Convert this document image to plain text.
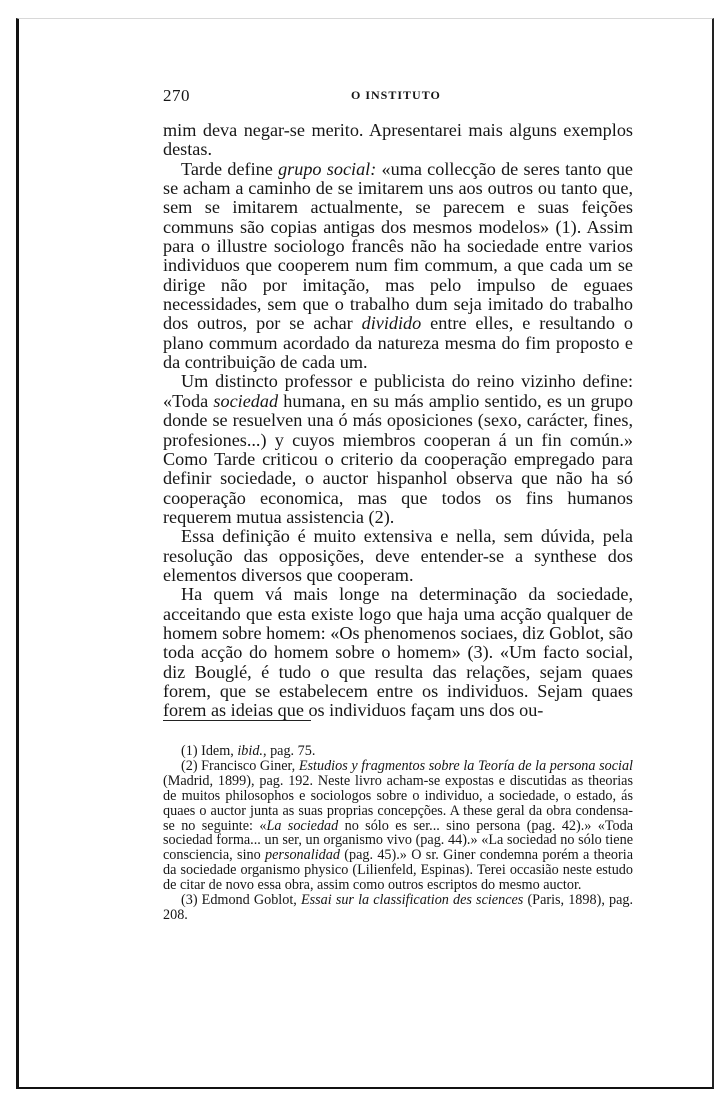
270	O INSTITUTO

mim deva negar-se merito. Apresentarei mais alguns exemplos destas.

Tarde define grupo social: «uma collecção de seres tanto que se acham a caminho de se imitarem uns aos outros ou tanto que, sem se imitarem actualmente, se parecem e suas feições communs são copias antigas dos mesmos modelos» (1). Assim para o illustre sociologo francês não ha sociedade entre varios individuos que cooperem num fim commum, a que cada um se dirige não por imitação, mas pelo impulso de eguaes necessidades, sem que o trabalho dum seja imitado do trabalho dos outros, por se achar dividido entre elles, e resultando o plano commum acordado da natureza mesma do fim proposto e da contribuição de cada um.

Um distincto professor e publicista do reino vizinho define: «Toda sociedad humana, en su más amplio sentido, es un grupo donde se resuelven una ó más oposiciones (sexo, carácter, fines, profesiones...) y cuyos miembros cooperan á un fin común.» Como Tarde criticou o criterio da cooperação empregado para definir sociedade, o auctor hispanhol observa que não ha só cooperação economica, mas que todos os fins humanos requerem mutua assistencia (2).

Essa definição é muito extensiva e nella, sem dúvida, pela resolução das opposições, deve entender-se a synthese dos elementos diversos que cooperam.

Ha quem vá mais longe na determinação da sociedade, acceitando que esta existe logo que haja uma acção qualquer de homem sobre homem: «Os phenomenos sociaes, diz Goblot, são toda acção do homem sobre o homem» (3). «Um facto social, diz Bouglé, é tudo o que resulta das relações, sejam quaes forem, que se estabelecem entre os individuos. Sejam quaes forem as ideias que os individuos façam uns dos ou-

(1) Idem, ibid., pag. 75.

(2) Francisco Giner, Estudios y fragmentos sobre la Teoría de la persona social (Madrid, 1899), pag. 192. Neste livro acham-se expostas e discutidas as theorias de muitos philosophos e sociologos sobre o individuo, a sociedade, o estado, ás quaes o auctor junta as suas proprias concepções. A these geral da obra condensa-se no seguinte: «La sociedad no sólo es ser... sino persona (pag. 42).» «Toda sociedad forma... un ser, un organismo vivo (pag. 44).» «La sociedad no sólo tiene consciencia, sino personalidad (pag. 45).» O sr. Giner condemna porém a theoria da sociedade organismo physico (Lilienfeld, Espinas). Terei occasião neste estudo de citar de novo essa obra, assim como outros escriptos do mesmo auctor.

(3) Edmond Goblot, Essai sur la classification des sciences (Paris, 1898), pag. 208.
